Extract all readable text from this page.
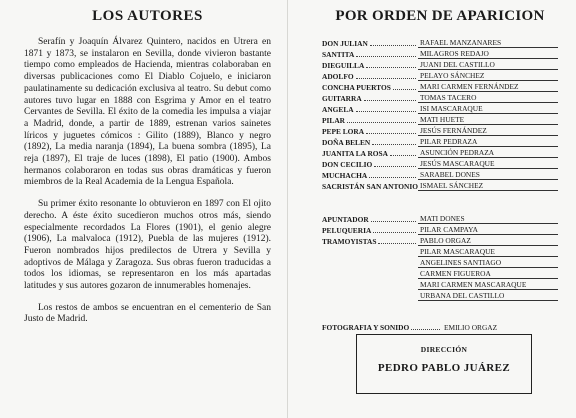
LOS AUTORES

Serafín y Joaquín Álvarez Quintero, nacidos en Utrera en 1871 y 1873, se instalaron en Sevilla, donde vivieron bastante tiempo como empleados de Hacienda, mientras colaboraban en diversas publicaciones como El Diablo Cojuelo, e iniciaron paulatinamente su dedicación exclusiva al teatro. Su debut como autores tuvo lugar en 1888 con Esgrima y Amor en el teatro Cervantes de Sevilla. El éxito de la comedia les impulsa a viajar a Madrid, donde, a partir de 1889, estrenan varios sainetes líricos y juguetes cómicos : Gilito (1889), Blanco y negro (1892), La media naranja (1894), La buena sombra (1895), La reja (1897), El traje de luces (1898), El patio (1900). Ambos hermanos colaboraron en todas sus obras dramáticas y fueron miembros de la Real Academia de la Lengua Española.

Su primer éxito resonante lo obtuvieron en 1897 con El ojito derecho. A éste éxito sucedieron muchos otros más, siendo especialmente recordados La Flores (1901), el genio alegre (1906), La malvaloca (1912), Puebla de las mujeres (1912). Fueron nombrados hijos predilectos de Utrera y Sevilla y adoptivos de Málaga y Zaragoza. Sus obras fueron traducidas a todos los idiomas, se representaron en los más apartadas latitudes y sus autores gozaron de innumerables homenajes.

Los restos de ambos se encuentran en el cementerio de San Justo de Madrid.

POR ORDEN DE APARICION
DON JULIAN	RAFAEL MANZANARES
SANTITA	MILAGROS REDAJO
DIEGUILLA	JUANI DEL CASTILLO
ADOLFO	PELAYO SÁNCHEZ
CONCHA PUERTOS	MARI CARMEN FERNÁNDEZ
GUITARRA	TOMAS TACERO
ANGELA	ISI MASCARAQUE
PILAR	MATI HUETE
PEPE LORA	JESÚS FERNÁNDEZ
DOÑA BELEN	PILAR PEDRAZA
JUANITA LA ROSA	ASUNCIÓN PEDRAZA
DON CECILIO	JESÚS MASCARAQUE
MUCHACHA	SARABEL DONES
SACRISTÁN SAN ANTONIO ISMAEL SÁNCHEZ
APUNTADOR	MATI DONES
PELUQUERIA	PILAR CAMPAYA
TRAMOYISTAS	PABLO ORGAZ
PILAR MASCARAQUE
ANGELINES SANTIAGO
CARMEN FIGUEROA
MARI CARMEN MASCARAQUE
URBANA DEL CASTILLO
FOTOGRAFIA Y SONIDO	EMILIO ORGAZ
DIRECCIÓN
PEDRO PABLO JUÁREZ
